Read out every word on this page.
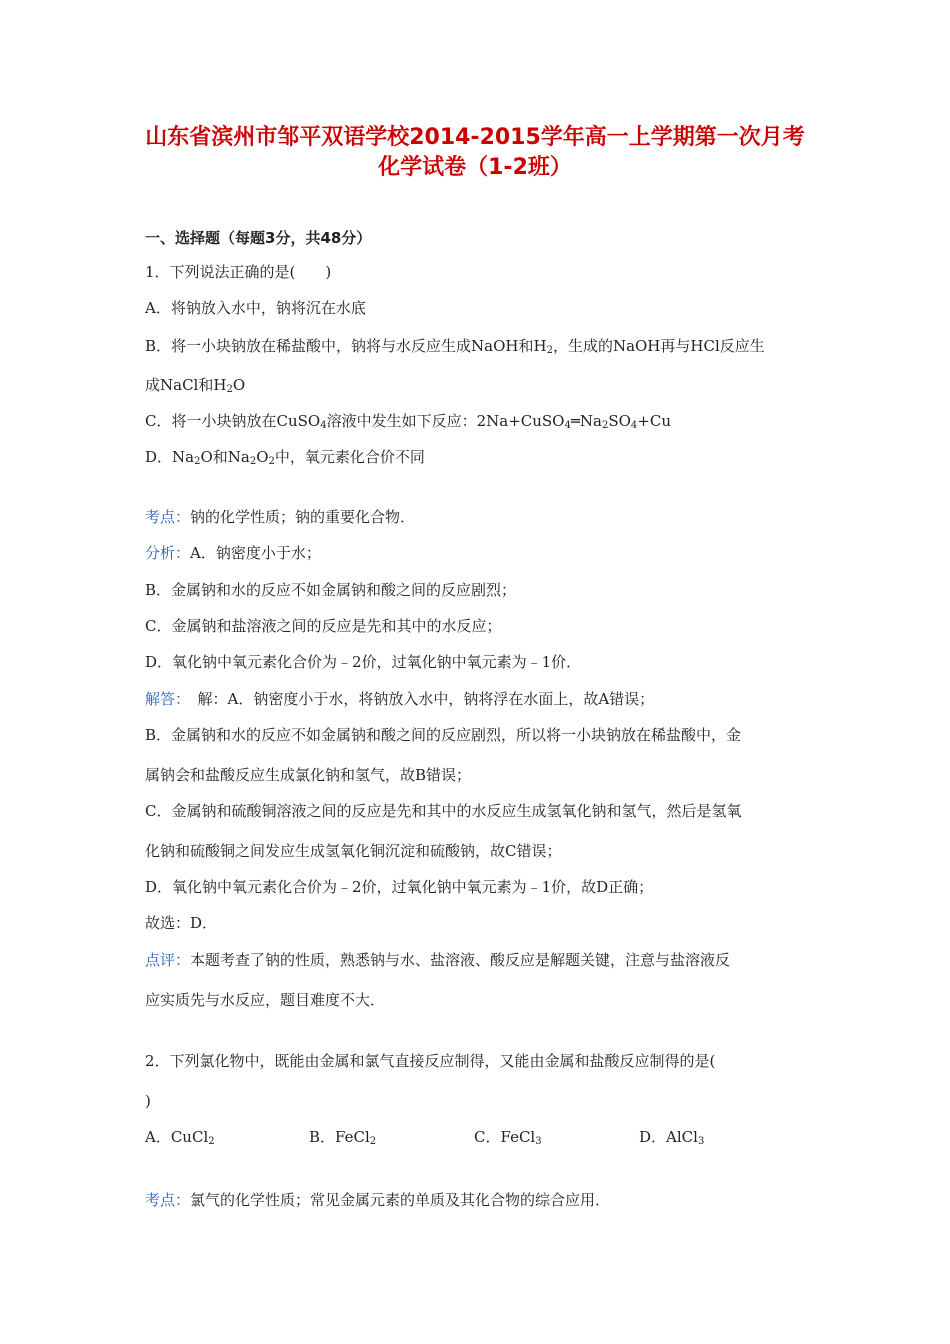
山东省滨州市邹平双语学校2014-2015学年高一上学期第一次月考
化学试卷（1-2班）
一、选择题（每题3分，共48分）
1．下列说法正确的是(　　)
A．将钠放入水中，钠将沉在水底
B．将一小块钠放在稀盐酸中，钠将与水反应生成NaOH和$H_2$，生成的NaOH再与HCl反应生
成NaCl和$H_2O$
C．将一小块钠放在CuSO$_4$溶液中发生如下反应：$2Na+CuSO_4═Na_2SO_4+Cu$
D．$Na_2O$和$Na_2O_2$中，氧元素化合价不同
考点：钠的化学性质；钠的重要化合物．
分析：A．钠密度小于水；
B．金属钠和水的反应不如金属钠和酸之间的反应剧烈；
C．金属钠和盐溶液之间的反应是先和其中的水反应；
D．氧化钠中氧元素化合价为﹣2价，过氧化钠中氧元素为﹣1价．
解答：　解：A．钠密度小于水，将钠放入水中，钠将浮在水面上，故A错误；
B．金属钠和水的反应不如金属钠和酸之间的反应剧烈，所以将一小块钠放在稀盐酸中，金
属钠会和盐酸反应生成氯化钠和氢气，故B错误；
C．金属钠和硫酸铜溶液之间的反应是先和其中的水反应生成氢氧化钠和氢气，然后是氢氧
化钠和硫酸铜之间发应生成氢氧化铜沉淀和硫酸钠，故C错误；
D．氧化钠中氧元素化合价为﹣2价，过氧化钠中氧元素为﹣1价，故D正确；
故选：D．
点评：本题考查了钠的性质，熟悉钠与水、盐溶液、酸反应是解题关键，注意与盐溶液反
应实质先与水反应，题目难度不大．
2．下列氯化物中，既能由金属和氯气直接反应制得，又能由金属和盐酸反应制得的是(
)
A．CuCl$_2$	B．FeCl$_2$	C．FeCl$_3$	D．AlCl$_3$
考点：氯气的化学性质；常见金属元素的单质及其化合物的综合应用．
